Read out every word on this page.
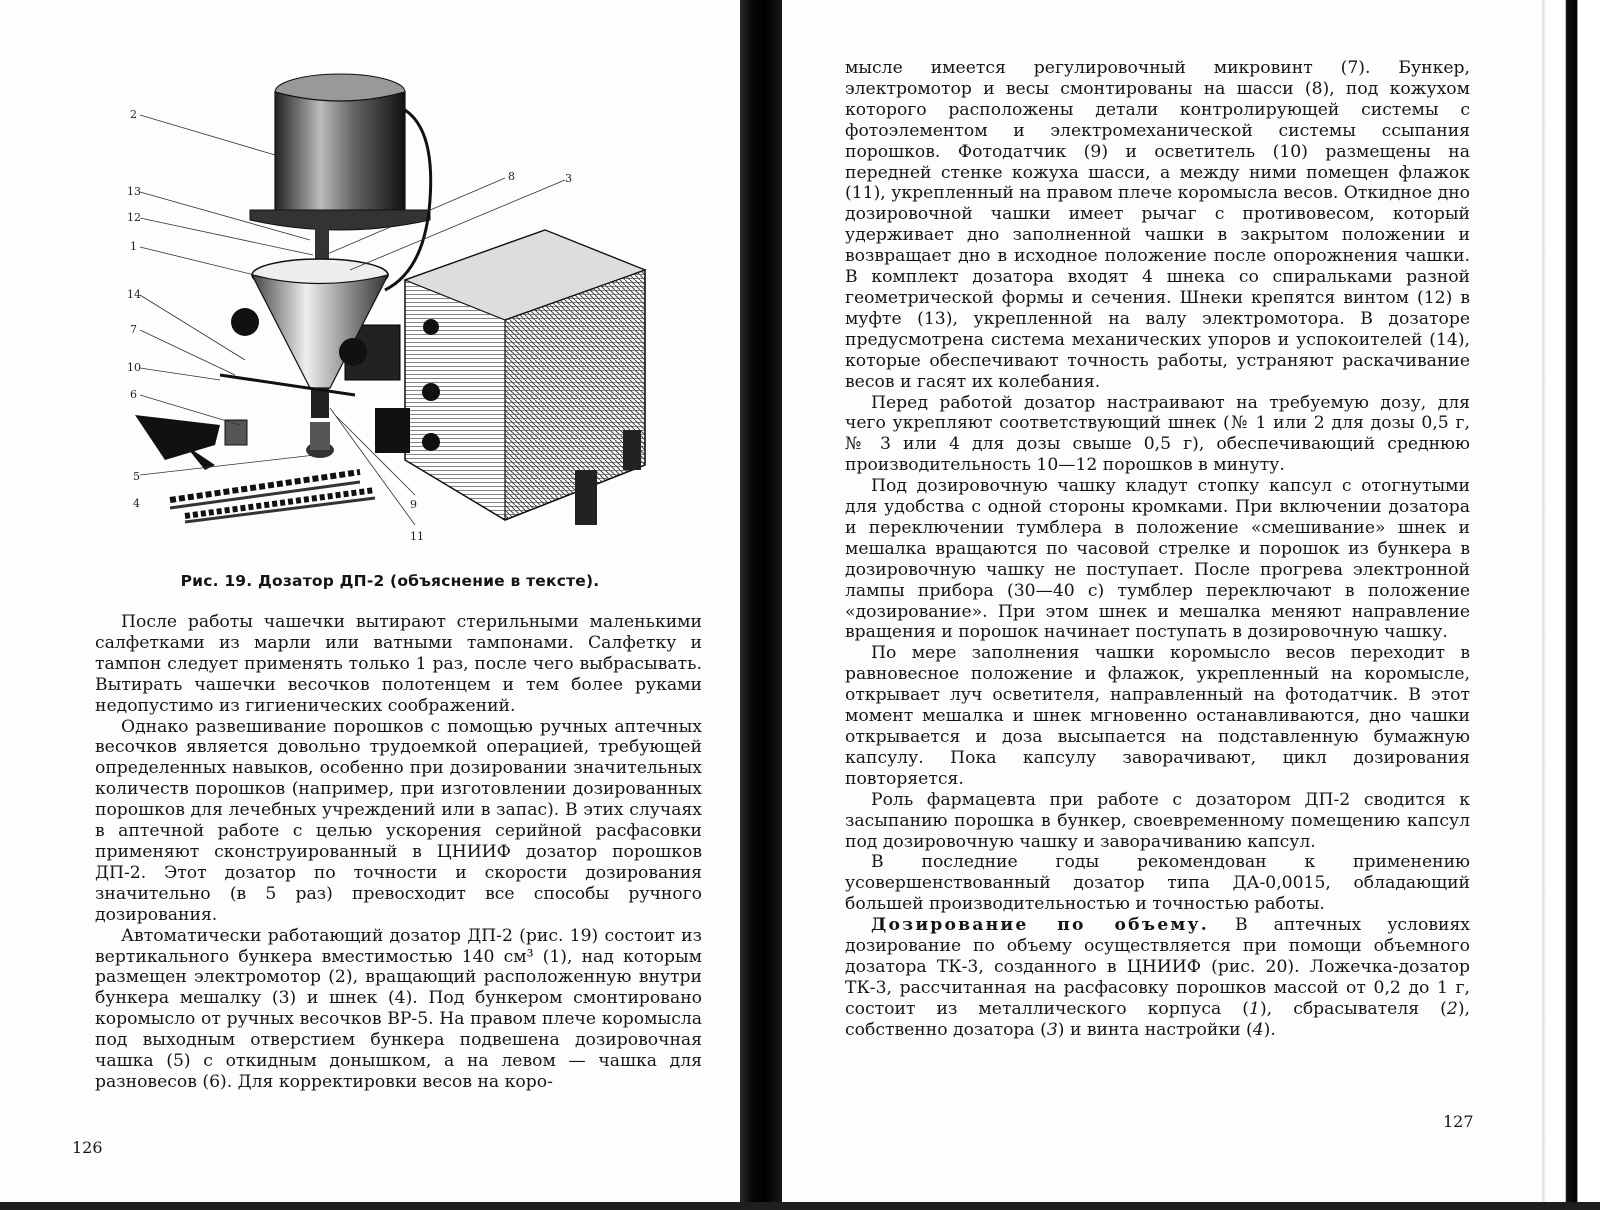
2
13
12
1
14
7
10
6
5
4
8	3
9
11
Рис. 19. Дозатор ДП-2 (объяснение в тексте).

После работы чашечки вытирают стерильными маленькими салфетками из марли или ватными тампонами. Салфетку и тампон следует применять только 1 раз, после чего выбрасывать. Вытирать чашечки весочков полотенцем и тем более руками недопустимо из гигиенических соображений.

Однако развешивание порошков с помощью ручных аптечных весочков является довольно трудоемкой операцией, требующей определенных навыков, особенно при дозировании значительных количеств порошков (например, при изготовлении дозированных порошков для лечебных учреждений или в запас). В этих случаях в аптечной работе с целью ускорения серийной расфасовки применяют сконструированный в ЦНИИФ дозатор порошков ДП-2. Этот дозатор по точности и скорости дозирования значительно (в 5 раз) превосходит все способы ручного дозирования.

Автоматически работающий дозатор ДП-2 (рис. 19) состоит из вертикального бункера вместимостью 140 см³ (1), над которым размещен электромотор (2), вращающий расположенную внутри бункера мешалку (3) и шнек (4). Под бункером смонтировано коромысло от ручных весочков ВР-5. На правом плече коромысла под выходным отверстием бункера подвешена дозировочная чашка (5) с откидным донышком, а на левом — чашка для разновесов (6). Для корректировки весов на коро-

126

мысле имеется регулировочный микровинт (7). Бункер, электромотор и весы смонтированы на шасси (8), под кожухом которого расположены детали контролирующей системы с фотоэлементом и электромеханической системы ссыпания порошков. Фотодатчик (9) и осветитель (10) размещены на передней стенке кожуха шасси, а между ними помещен флажок (11), укрепленный на правом плече коромысла весов. Откидное дно дозировочной чашки имеет рычаг с противовесом, который удерживает дно заполненной чашки в закрытом положении и возвращает дно в исходное положение после опорожнения чашки. В комплект дозатора входят 4 шнека со спиральками разной геометрической формы и сечения. Шнеки крепятся винтом (12) в муфте (13), укрепленной на валу электромотора. В дозаторе предусмотрена система механических упоров и успокоителей (14), которые обеспечивают точность работы, устраняют раскачивание весов и гасят их колебания.

Перед работой дозатор настраивают на требуемую дозу, для чего укрепляют соответствующий шнек (№ 1 или 2 для дозы 0,5 г, № 3 или 4 для дозы свыше 0,5 г), обеспечивающий среднюю производительность 10—12 порошков в минуту.

Под дозировочную чашку кладут стопку капсул с отогнутыми для удобства с одной стороны кромками. При включении дозатора и переключении тумблера в положение «смешивание» шнек и мешалка вращаются по часовой стрелке и порошок из бункера в дозировочную чашку не поступает. После прогрева электронной лампы прибора (30—40 с) тумблер переключают в положение «дозирование». При этом шнек и мешалка меняют направление вращения и порошок начинает поступать в дозировочную чашку.

По мере заполнения чашки коромысло весов переходит в равновесное положение и флажок, укрепленный на коромысле, открывает луч осветителя, направленный на фотодатчик. В этот момент мешалка и шнек мгновенно останавливаются, дно чашки открывается и доза высыпается на подставленную бумажную капсулу. Пока капсулу заворачивают, цикл дозирования повторяется.

Роль фармацевта при работе с дозатором ДП-2 сводится к засыпанию порошка в бункер, своевременному помещению капсул под дозировочную чашку и заворачиванию капсул.

В последние годы рекомендован к применению усовершенствованный дозатор типа ДА-0,0015, обладающий большей производительностью и точностью работы.

Дозирование по объему. В аптечных условиях дозирование по объему осуществляется при помощи объемного дозатора ТК-3, созданного в ЦНИИФ (рис. 20). Ложечка-дозатор ТК-3, рассчитанная на расфасовку порошков массой от 0,2 до 1 г, состоит из металлического корпуса (1), сбрасывателя (2), собственно дозатора (3) и винта настройки (4).

127
